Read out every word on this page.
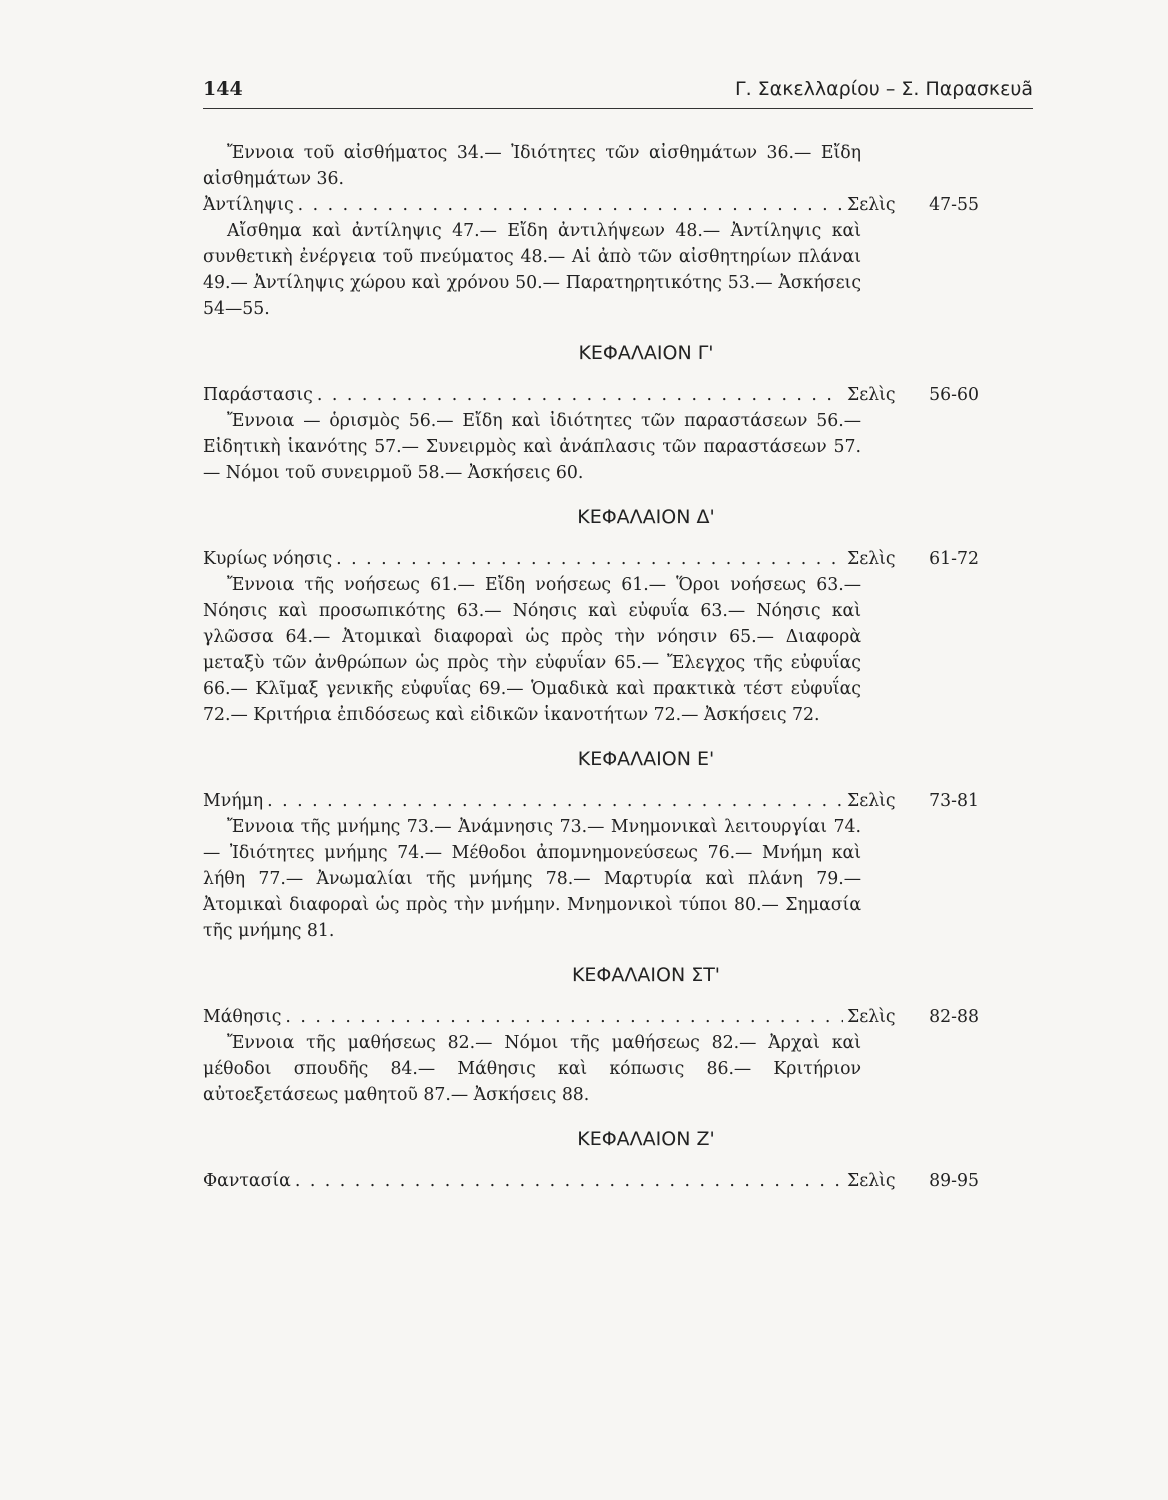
144	Γ. Σακελλαρίου – Σ. Παρασκευã

Ἔννοια τοῦ αἰσθήματος 34.— Ἰδιότητες τῶν αἰσθημάτων 36.— Εἴδη αἰσθημάτων 36.

Ἀντίληψις . . .	Σελὶς	47-55

Αἴσθημα καὶ ἀντίληψις 47.— Εἴδη ἀντιλήψεων 48.— Ἀντίληψις καὶ συνθετικὴ ἐνέργεια τοῦ πνεύματος 48.— Αἱ ἀπὸ τῶν αἰσθητηρίων πλάναι 49.— Ἀντίληψις χώρου καὶ χρόνου 50.— Παρατηρητικότης 53.— Ἀσκήσεις 54—55.

ΚΕΦΑΛΑΙΟΝ Γ'
Παράστασις . . .	Σελὶς	56-60

Ἔννοια — ὁρισμὸς 56.— Εἴδη καὶ ἰδιότητες τῶν παραστάσεων 56.— Εἰδητικὴ ἱκανότης 57.— Συνειρμὸς καὶ ἀνάπλασις τῶν παραστάσεων 57.— Νόμοι τοῦ συνειρμοῦ 58.— Ἀσκήσεις 60.

ΚΕΦΑΛΑΙΟΝ Δ'
Κυρίως νόησις . . .	Σελὶς	61-72

Ἔννοια τῆς νοήσεως 61.— Εἴδη νοήσεως 61.— Ὅροι νοήσεως 63.— Νόησις καὶ προσωπικότης 63.— Νόησις καὶ εὐφυΐα 63.— Νόησις καὶ γλῶσσα 64.— Ἀτομικαὶ διαφοραὶ ὡς πρὸς τὴν νόησιν 65.— Διαφορὰ μεταξὺ τῶν ἀνθρώπων ὡς πρὸς τὴν εὐφυΐαν 65.— Ἔλεγχος τῆς εὐφυΐας 66.— Κλῖμαξ γενικῆς εὐφυΐας 69.— Ὁμαδικὰ καὶ πρακτικὰ τέστ εὐφυΐας 72.— Κριτήρια ἐπιδόσεως καὶ εἰδικῶν ἱκανοτήτων 72.— Ἀσκήσεις 72.

ΚΕΦΑΛΑΙΟΝ Ε'
Μνήμη . . .	Σελὶς	73-81

Ἔννοια τῆς μνήμης 73.— Ἀνάμνησις 73.— Μνημονικαὶ λειτουργίαι 74.— Ἰδιότητες μνήμης 74.— Μέθοδοι ἀπομνημονεύσεως 76.— Μνήμη καὶ λήθη 77.— Ἀνωμαλίαι τῆς μνήμης 78.— Μαρτυρία καὶ πλάνη 79.— Ἀτομικαὶ διαφοραὶ ὡς πρὸς τὴν μνήμην. Μνημονικοὶ τύποι 80.— Σημασία τῆς μνήμης 81.

ΚΕΦΑΛΑΙΟΝ ΣΤ'
Μάθησις . . .	Σελὶς	82-88

Ἔννοια τῆς μαθήσεως 82.— Νόμοι τῆς μαθήσεως 82.— Ἀρχαὶ καὶ μέθοδοι σπουδῆς 84.— Μάθησις καὶ κόπωσις 86.— Κριτήριον αὐτοεξετάσεως μαθητοῦ 87.— Ἀσκήσεις 88.

ΚΕΦΑΛΑΙΟΝ Ζ'
Φαντασία . . .	Σελὶς	89-95
